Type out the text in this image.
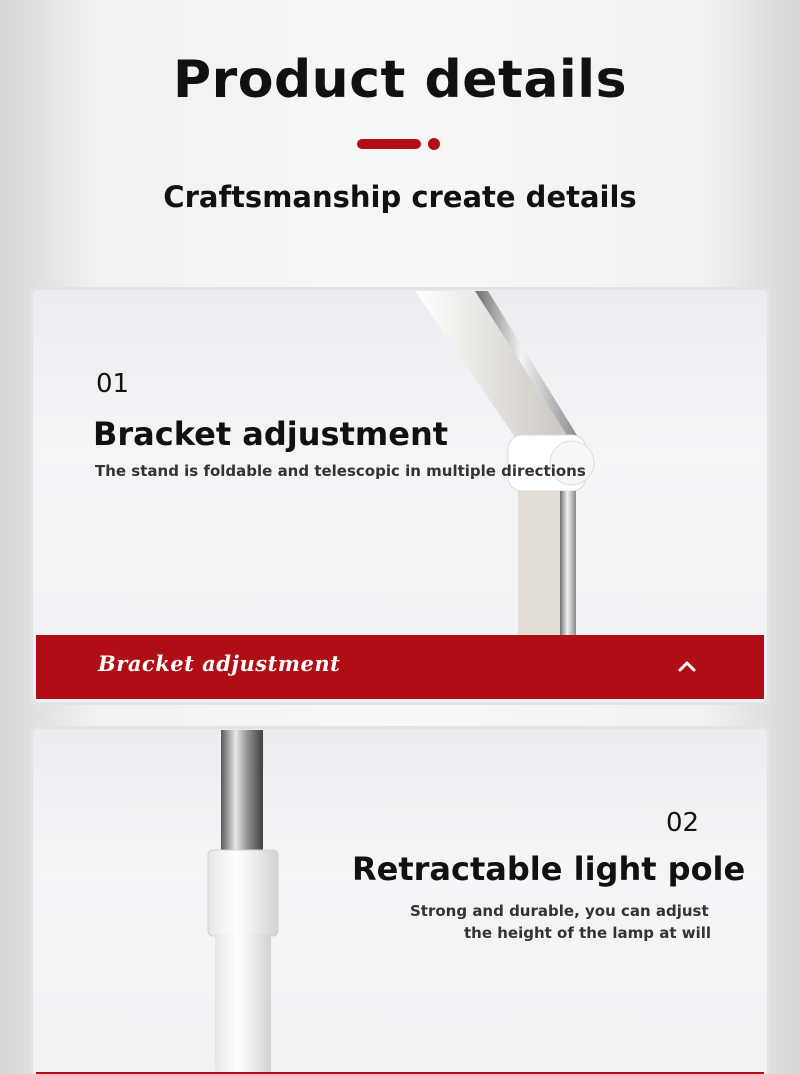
Product details
Craftsmanship create details
01
Bracket adjustment
The stand is foldable and telescopic in multiple directions
Bracket adjustment
02
Retractable light pole
Strong and durable, you can adjust
the height of the lamp at will
